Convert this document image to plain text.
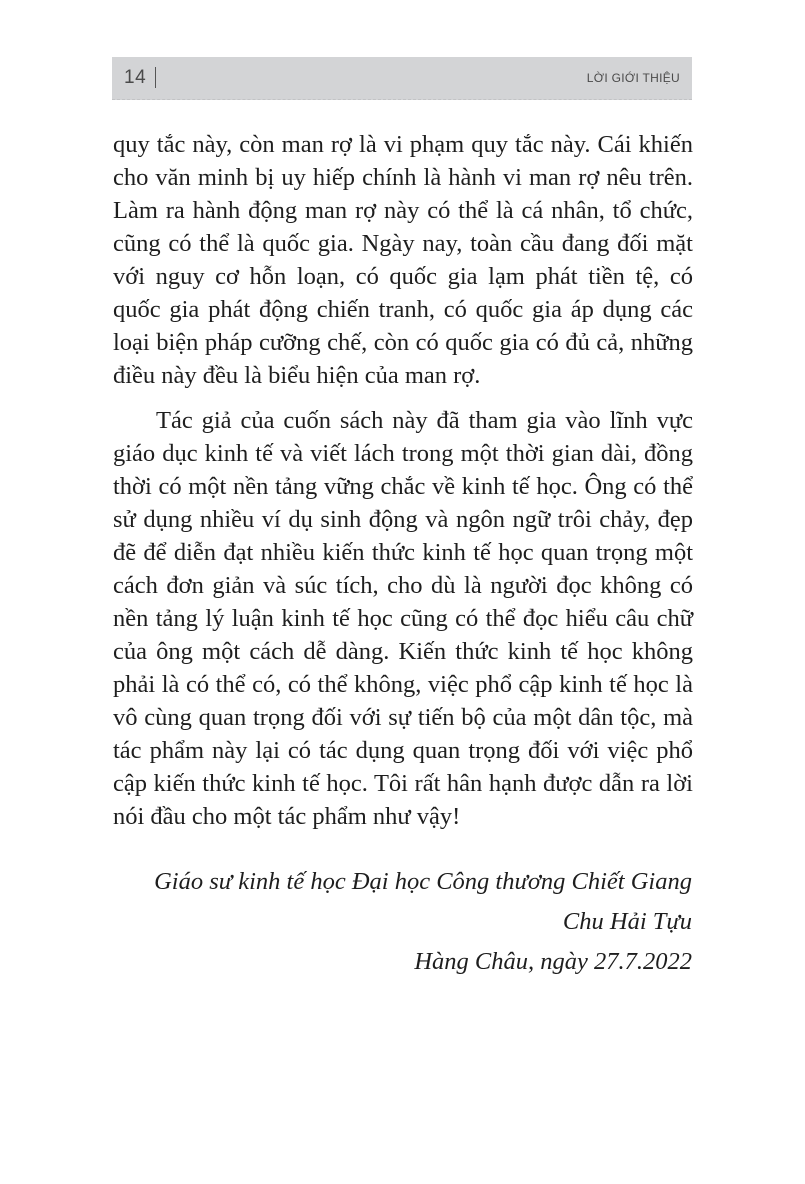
14	LỜI GIỚI THIỆU

quy tắc này, còn man rợ là vi phạm quy tắc này. Cái khiến cho văn minh bị uy hiếp chính là hành vi man rợ nêu trên. Làm ra hành động man rợ này có thể là cá nhân, tổ chức, cũng có thể là quốc gia. Ngày nay, toàn cầu đang đối mặt với nguy cơ hỗn loạn, có quốc gia lạm phát tiền tệ, có quốc gia phát động chiến tranh, có quốc gia áp dụng các loại biện pháp cưỡng chế, còn có quốc gia có đủ cả, những điều này đều là biểu hiện của man rợ.

Tác giả của cuốn sách này đã tham gia vào lĩnh vực giáo dục kinh tế và viết lách trong một thời gian dài, đồng thời có một nền tảng vững chắc về kinh tế học. Ông có thể sử dụng nhiều ví dụ sinh động và ngôn ngữ trôi chảy, đẹp đẽ để diễn đạt nhiều kiến thức kinh tế học quan trọng một cách đơn giản và súc tích, cho dù là người đọc không có nền tảng lý luận kinh tế học cũng có thể đọc hiểu câu chữ của ông một cách dễ dàng. Kiến thức kinh tế học không phải là có thể có, có thể không, việc phổ cập kinh tế học là vô cùng quan trọng đối với sự tiến bộ của một dân tộc, mà tác phẩm này lại có tác dụng quan trọng đối với việc phổ cập kiến thức kinh tế học. Tôi rất hân hạnh được dẫn ra lời nói đầu cho một tác phẩm như vậy!

Giáo sư kinh tế học Đại học Công thương Chiết Giang
Chu Hải Tựu
Hàng Châu, ngày 27.7.2022
